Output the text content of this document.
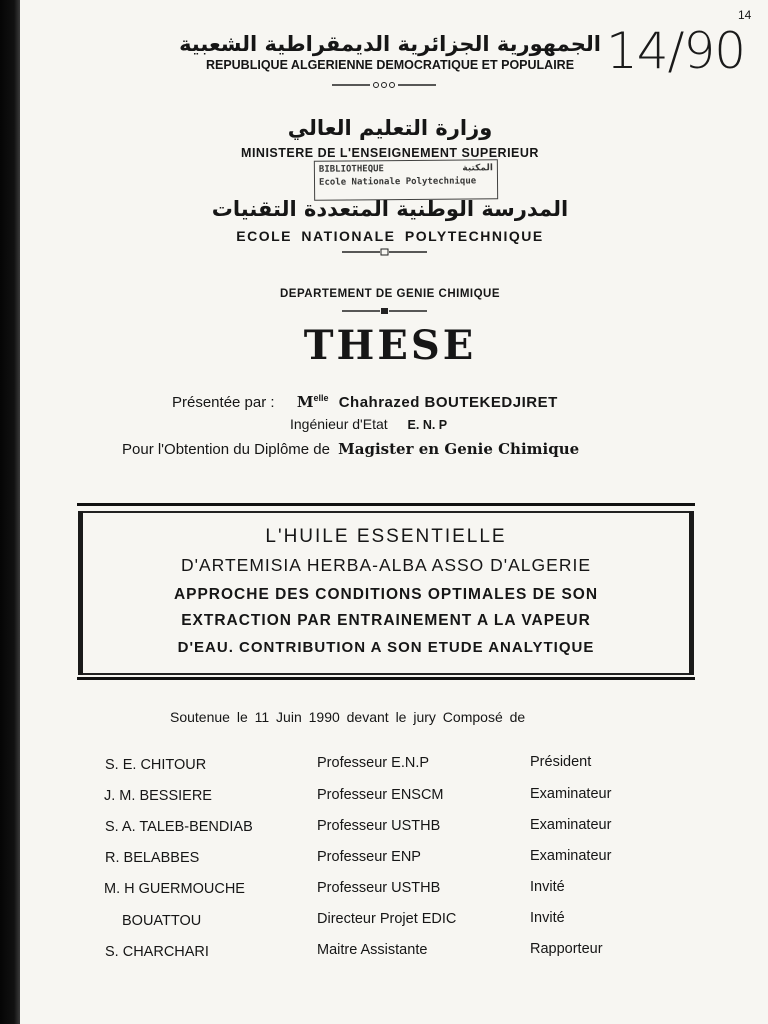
14
14/90
الجمهورية الجزائرية الديمقراطية الشعبية
REPUBLIQUE ALGERIENNE DEMOCRATIQUE ET POPULAIRE
وزارة التعليم العالي
MINISTERE DE L'ENSEIGNEMENT SUPERIEUR
BIBLIOTHEQUE	المكتبة
Ecole Nationale Polytechnique
المدرسة الوطنية المتعددة التقنيات
ECOLE NATIONALE POLYTECHNIQUE
DEPARTEMENT DE GENIE CHIMIQUE
THESE
Présentée par : $M^{elle}$ Chahrazed BOUTEKEDJIRET
Ingénieur d'Etat E. N. P
Pour l'Obtention du Diplôme de Magister en Genie Chimique
L'HUILE ESSENTIELLE
D'ARTEMISIA HERBA-ALBA ASSO D'ALGERIE
APPROCHE DES CONDITIONS OPTIMALES DE SON
EXTRACTION PAR ENTRAINEMENT A LA VAPEUR
D'EAU. CONTRIBUTION A SON ETUDE ANALYTIQUE
Soutenue le 11 Juin 1990 devant le jury Composé de
S. E. CHITOUR	Professeur E.N.P	Président
J. M. BESSIERE	Professeur ENSCM	Examinateur
S. A. TALEB-BENDIAB	Professeur USTHB	Examinateur
R. BELABBES	Professeur ENP	Examinateur
M. H GUERMOUCHE	Professeur USTHB	Invité
BOUATTOU	Directeur Projet EDIC	Invité
S. CHARCHARI	Maitre Assistante	Rapporteur
